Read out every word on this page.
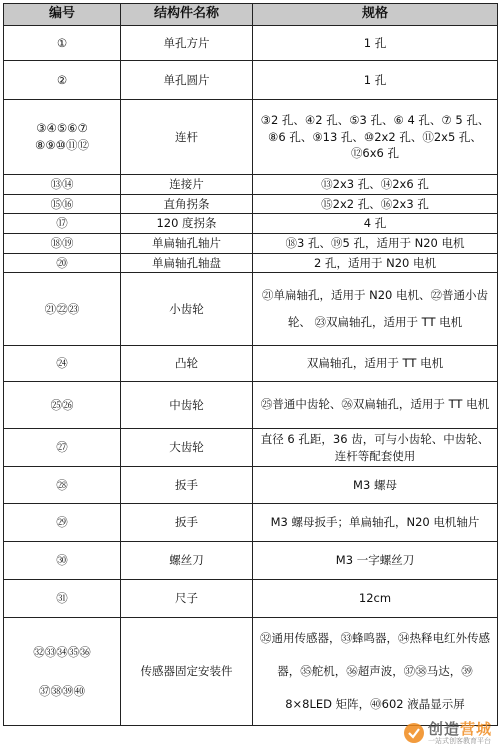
编号	结构件名称	规格
①	单孔方片	1 孔
②	单孔圆片	1 孔

③④⑤⑥⑦
⑧⑨⑩⑪⑫	连杆	③2 孔、④2 孔、⑤3 孔、⑥ 4 孔、⑦ 5 孔、⑧6 孔、⑨13 孔、⑩2x2 孔、⑪2x5 孔、⑫6x6 孔
⑬⑭	连接片	⑬2x3 孔、⑭2x6 孔
⑮⑯	直角拐条	⑮2x2 孔、⑯2x3 孔
⑰	120 度拐条	4 孔
⑱⑲	单扁轴孔轴片	⑱3 孔、⑲5 孔，适用于 N20 电机
⑳	单扁轴孔轴盘	2 孔，适用于 N20 电机
㉑㉒㉓	小齿轮	㉑单扁轴孔，适用于 N20 电机、㉒普通小齿轮、 ㉓双扁轴孔，适用于 TT 电机
㉔	凸轮	双扁轴孔，适用于 TT 电机
㉕㉖	中齿轮	㉕普通中齿轮、㉖双扁轴孔，适用于 TT 电机
㉗	大齿轮	直径 6 孔距，36 齿，可与小齿轮、中齿轮、连杆等配套使用
㉘	扳手	M3 螺母
㉙	扳手	M3 螺母扳手；单扁轴孔，N20 电机轴片
㉚	螺丝刀	M3 一字螺丝刀
㉛	尺子	12cm

㉜㉝㉞㉟㊱
㊲㊳㊴㊵	传感器固定安装件	㉜通用传感器，㉝蜂鸣器，㉞热释电红外传感器，㉟舵机，㊱超声波，㊲㊳马达，㊴8×8LED 矩阵，㊵602 液晶显示屏
创造营城
一站式创客教育平台
